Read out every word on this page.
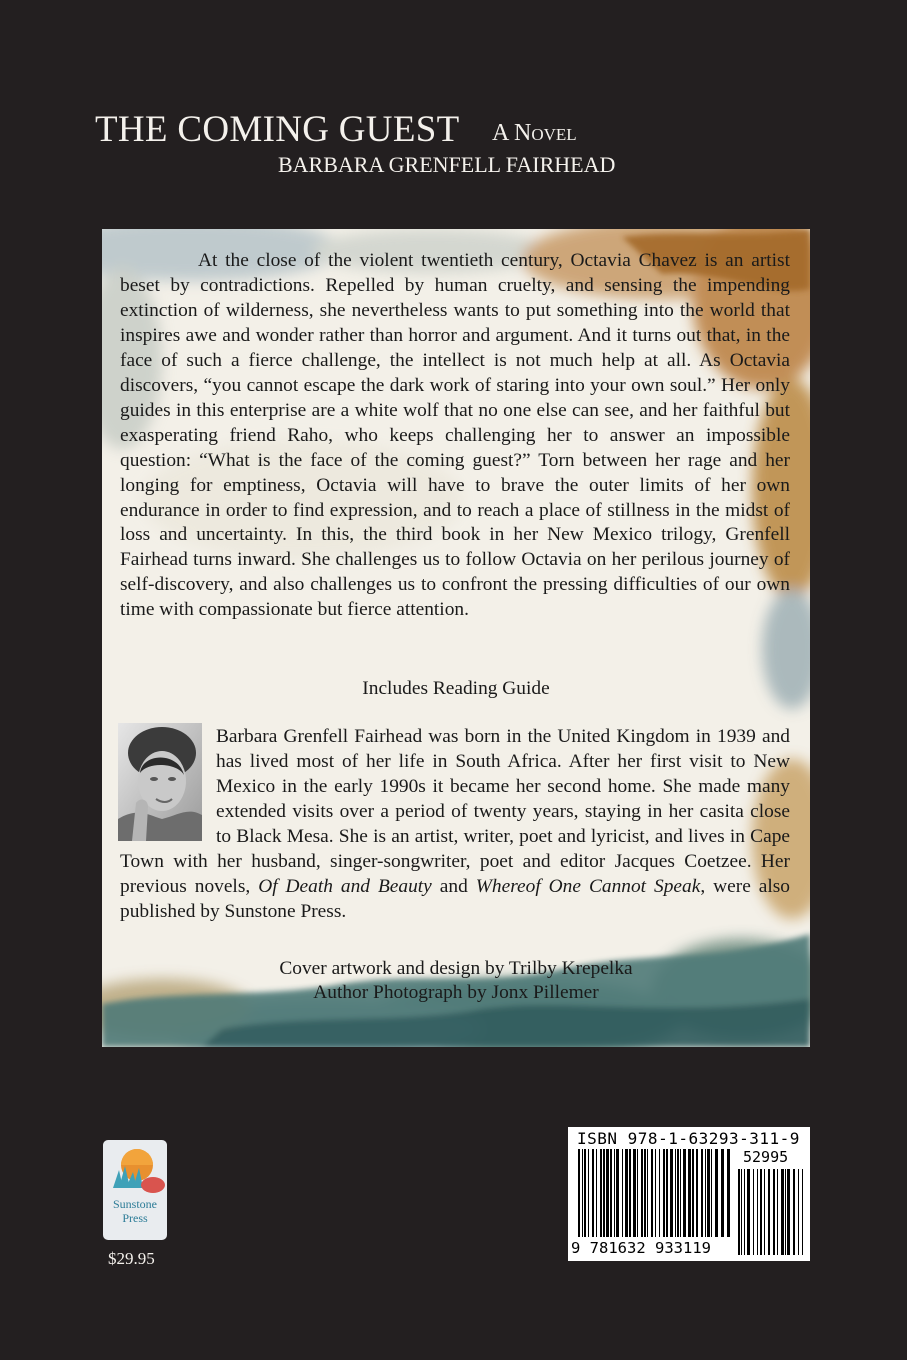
THE COMING GUEST A Novel
BARBARA GRENFELL FAIRHEAD

At the close of the violent twentieth century, Octavia Chavez is an artist beset by contradictions. Repelled by human cruelty, and sensing the impending extinction of wilderness, she nevertheless wants to put something into the world that inspires awe and wonder rather than horror and argument. And it turns out that, in the face of such a fierce challenge, the intellect is not much help at all. As Octavia discovers, “you cannot escape the dark work of staring into your own soul.” Her only guides in this enterprise are a white wolf that no one else can see, and her faithful but exasperating friend Raho, who keeps challenging her to answer an impossible question: “What is the face of the coming guest?” Torn between her rage and her longing for emptiness, Octavia will have to brave the outer limits of her own endurance in order to find expression, and to reach a place of stillness in the midst of loss and uncertainty. In this, the third book in her New Mexico trilogy, Grenfell Fairhead turns inward. She challenges us to follow Octavia on her perilous journey of self-discovery, and also challenges us to confront the pressing difficulties of our own time with compassionate but fierce attention.

Includes Reading Guide

Barbara Grenfell Fairhead was born in the United Kingdom in 1939 and has lived most of her life in South Africa. After her first visit to New Mexico in the early 1990s it became her second home. She made many extended visits over a period of twenty years, staying in her casita close to Black Mesa. She is an artist, writer, poet and lyricist, and lives in Cape Town with her husband, singer-songwriter, poet and editor Jacques Coetzee. Her previous novels, Of Death and Beauty and Whereof One Cannot Speak, were also published by Sunstone Press.

Cover artwork and design by Trilby Krepelka
Author Photograph by Jonx Pillemer
Sunstone
Press
$29.95
ISBN 978-1-63293-311-9
52995
9 781632 933119
